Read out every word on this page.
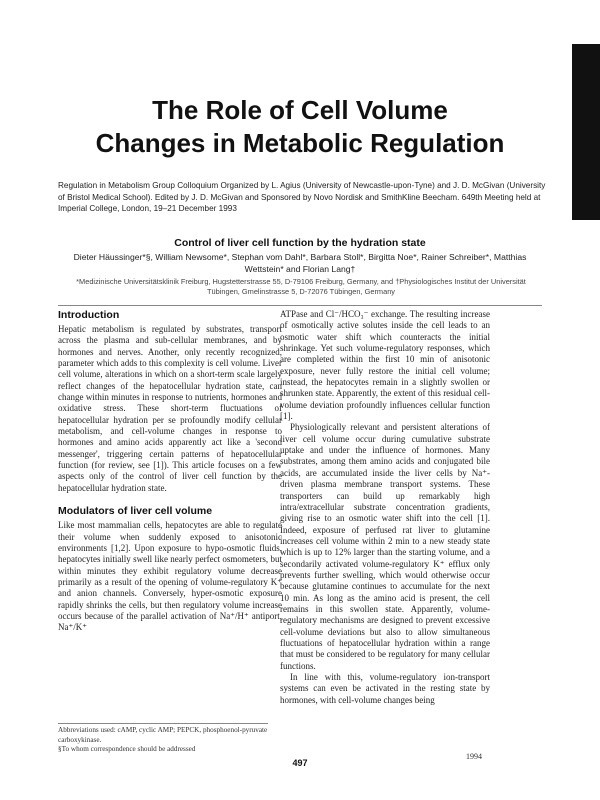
The Role of Cell Volume
Changes in Metabolic Regulation
Regulation in Metabolism Group Colloquium Organized by L. Agius (University of Newcastle-upon-Tyne) and J. D. McGivan (University of Bristol Medical School). Edited by J. D. McGivan and Sponsored by Novo Nordisk and SmithKline Beecham. 649th Meeting held at Imperial College, London, 19–21 December 1993
Control of liver cell function by the hydration state
Dieter Häussinger*§, William Newsome*, Stephan vom Dahl*, Barbara Stoll*, Birgitta Noe*, Rainer Schreiber*, Matthias Wettstein* and Florian Lang†
*Medizinische Universitätsklinik Freiburg, Hugstetterstrasse 55, D-79106 Freiburg, Germany, and †Physiologisches Institut der Universität Tübingen, Gmelinstrasse 5, D-72076 Tübingen, Germany
Introduction

Hepatic metabolism is regulated by substrates, transport across the plasma and sub-cellular membranes, and by hormones and nerves. Another, only recently recognized, parameter which adds to this complexity is cell volume. Liver cell volume, alterations in which on a short-term scale largely reflect changes of the hepatocellular hydration state, can change within minutes in response to nutrients, hormones and oxidative stress. These short-term fluctuations of hepatocellular hydration per se profoundly modify cellular metabolism, and cell-volume changes in response to hormones and amino acids apparently act like a 'second messenger', triggering certain patterns of hepatocellular function (for review, see [1]). This article focuses on a few aspects only of the control of liver cell function by the hepatocellular hydration state.

Modulators of liver cell volume

Like most mammalian cells, hepatocytes are able to regulate their volume when suddenly exposed to anisotonic environments [1,2]. Upon exposure to hypo-osmotic fluids, hepatocytes initially swell like nearly perfect osmometers, but within minutes they exhibit regulatory volume decrease primarily as a result of the opening of volume-regulatory K⁺ and anion channels. Conversely, hyper-osmotic exposure rapidly shrinks the cells, but then regulatory volume increase occurs because of the parallel activation of Na⁺/H⁺ antiport, Na⁺/K⁺

ATPase and Cl⁻/HCO₃⁻ exchange. The resulting increase of osmotically active solutes inside the cell leads to an osmotic water shift which counteracts the initial shrinkage. Yet such volume-regulatory responses, which are completed within the first 10 min of anisotonic exposure, never fully restore the initial cell volume; instead, the hepatocytes remain in a slightly swollen or shrunken state. Apparently, the extent of this residual cell-volume deviation profoundly influences cellular function [1].

Physiologically relevant and persistent alterations of liver cell volume occur during cumulative substrate uptake and under the influence of hormones. Many substrates, among them amino acids and conjugated bile acids, are accumulated inside the liver cells by Na⁺-driven plasma membrane transport systems. These transporters can build up remarkably high intra/extracellular substrate concentration gradients, giving rise to an osmotic water shift into the cell [1]. Indeed, exposure of perfused rat liver to glutamine increases cell volume within 2 min to a new steady state which is up to 12% larger than the starting volume, and a secondarily activated volume-regulatory K⁺ efflux only prevents further swelling, which would otherwise occur because glutamine continues to accumulate for the next 10 min. As long as the amino acid is present, the cell remains in this swollen state. Apparently, volume-regulatory mechanisms are designed to prevent excessive cell-volume deviations but also to allow simultaneous fluctuations of hepatocellular hydration within a range that must be considered to be regulatory for many cellular functions.

In line with this, volume-regulatory ion-transport systems can even be activated in the resting state by hormones, with cell-volume changes being

Abbreviations used: cAMP, cyclic AMP; PEPCK, phosphoenol-pyruvate carboxykinase.
§To whom correspondence should be addressed
497
1994
